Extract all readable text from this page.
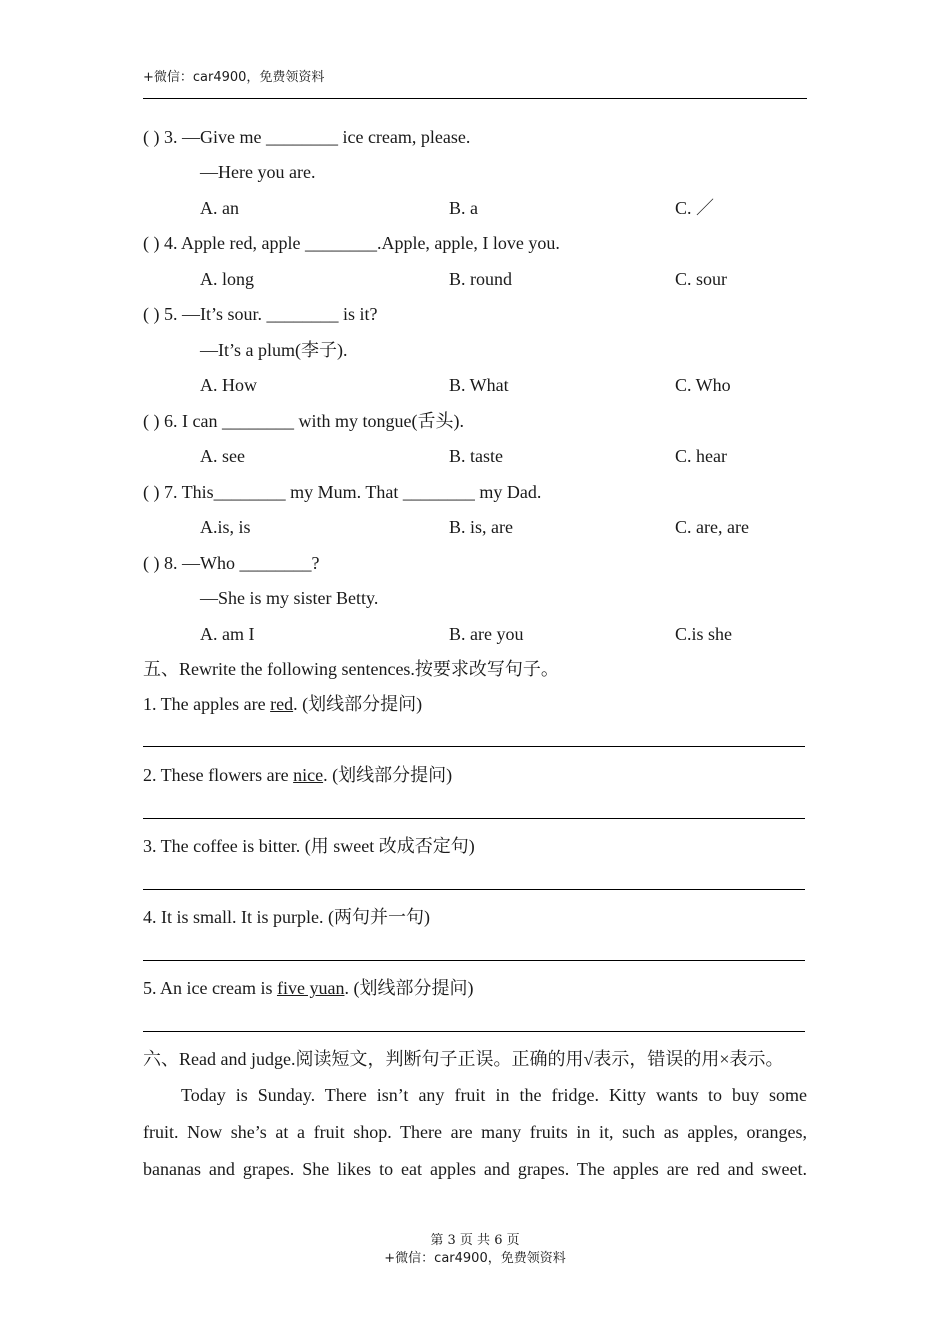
+微信：car4900，免费领资料
( ) 3. —Give me ________ ice cream, please.
—Here you are.
A. an	B. a	C. ／
( ) 4. Apple red, apple ________.Apple, apple, I love you.
A. long	B. round	C. sour
( ) 5. —It’s sour. ________ is it?
—It’s a plum(李子).
A. How	B. What	C. Who
( ) 6. I can ________ with my tongue(舌头).
A. see	B. taste	C. hear
( ) 7. This________ my Mum. That ________ my Dad.
A.is, is	B. is, are	C. are, are
( ) 8. —Who ________?
—She is my sister Betty.
A. am I	B. are you	C.is she
五、Rewrite the following sentences.按要求改写句子。
1. The apples are red. (划线部分提问)
2. These flowers are nice. (划线部分提问)
3. The coffee is bitter. (用 sweet 改成否定句)
4. It is small. It is purple. (两句并一句)
5. An ice cream is five yuan. (划线部分提问)
六、Read and judge.阅读短文，判断句子正误。正确的用√表示，错误的用×表示。
Today is Sunday. There isn’t any fruit in the fridge. Kitty wants to buy some
fruit. Now she’s at a fruit shop. There are many fruits in it, such as apples, oranges,
bananas and grapes. She likes to eat apples and grapes. The apples are red and sweet.
第 3 页 共 6 页
+微信：car4900，免费领资料
